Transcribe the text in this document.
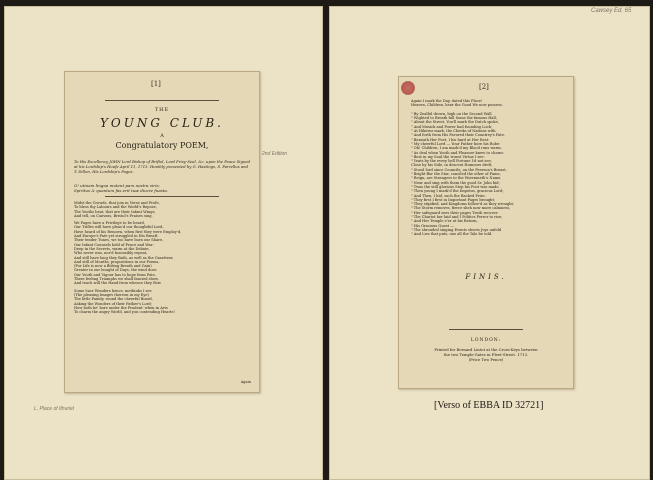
2nd Edition
L. Place of Ithuriel
[1]
THE
YOUNG CLUB.
A
Congratulatory POEM,
To His Excellency JOHN Lord Bishop of Briftol, Lord Privy-Seal, &c. upon the Peace Signed at his Lordship's Houfe April 11, 1713. Humbly presented by G. Hastings, S. Farrellus and T. Dillon, His Lordship's Pages.
O! utinam lingua mutent pars nostra viris;
Spiritus & quantum fas erit tuæ dicere fuasta.
Midst the Crowds, that join in Verse and Profe,
To bless thy Labours and the World's Repose,
The Youths beat, that are their Infant Wings,
And tell, on Canvass, Bristol's Praises sing.
We Pages have a Privilege to be heard,
Our Trifles will have pleas'd our thoughtful Lord,
Have heard of his Renown, when first they were Employ'd,
And Europe's Fate yet struggled in His Breaft.
Their tender Tunes, we too have born our Share,
Our Infant Counsels held of Peace and War:
Deep in the Secrets, warm at the Debate,
Who never was, nor'd Insensibly repeat,
And still have long they Bath, as well as the Gazetteer,
And still of Months, propositions in our Poems,
(For Life is now a flitting Breath and Gain)
Greater in our bought of Days, the wind does
Our Youth and Vigour has to hope from Fate,
There feeling Triumphs we shall fancied shew,
And teach will the Hand from whence they flow.
Some Sacr Wonders hence, methinks I see
(The pleasing Images thereon in my Eye)
The little Family, round the cheerful Board,
Asking the Wonders of their Father's Lord;
How both he' bore under the Prudent' when in Arts
To charm the angry World, and you contending Hearts!
Again
Cawsey Ed. 65
[2]
Again I mark the Day, dated this Place!
Heaven, Children, hear the Good We now possess.
" By Zealful drown, high on the Second Wall,
" Wighted to Breath full Some the famous Hall;
" About the Street, You'll mark the Dutch spoke,
" And Musick and Power had founding Lock;
" At Hikerur mark, the Cheeks of Nations with
" And forth from His Favored their Countrey's Fate.
" Beneath Her Feet, I his hard at Her Rest:
" My cheerful Lord — Your Father bore his Robe:
" Oh! Children, I am mark'd my Blood runs warm.
" As deal when Youth and Pleasure knew to charm:
" Best in my Soul the truest Virtue I see:
" Yeats by the every bell Fortune I'd not see;
Close by his Side, in descent Humours dreft,
" Stood lord since Councils; on the Peerson's Breast,
" Bright ffor the Star, conciled the other of Fame,
" Reign, are Strangers to the Worrnmeth's Name,
" Near and sing with them the good Sr. John bid;
" Twas the still glorious Step his Foot was made,
" Then young I mark'd the Impetus, gracious Lord;
" And Then, I bid, such the Backed Prize.
" They first I first in Important Pages brought;
" They stipified, and Kingdoms follow'd as they wrought,
" The Storm removes, fierce sheh now more calmness,
" Her safeguard sees their pages Truth recover:
" The Chariot her laid and I Politics Ferror to rise;
" And Her Temple e'er at his Return,
" His Gracious Quest —
" The shrouded singing Events sheets Joys unfold
" And Lies that puts, one all the Tale be told.
FINIS.
LONDON:
Printed for Bernard Lintot at the Cross-Keys between
the two Temple-Gates in Fleet-Street. 1713.
(Price Two Pence)
[Verso of EBBA ID 32721]
